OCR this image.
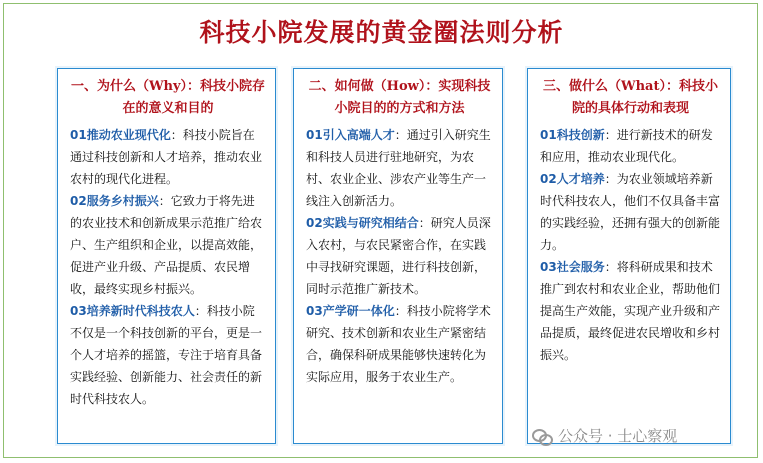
科技小院发展的黄金圈法则分析
一、为什么（Why）：科技小院存在的意义和目的

01推动农业现代化：科技小院旨在通过科技创新和人才培养，推动农业农村的现代化进程。

02服务乡村振兴：它致力于将先进的农业技术和创新成果示范推广给农户、生产组织和企业，以提高效能，促进产业升级、产品提质、农民增收，最终实现乡村振兴。

03培养新时代科技农人：科技小院不仅是一个科技创新的平台，更是一个人才培养的摇篮，专注于培育具备实践经验、创新能力、社会责任的新时代科技农人。

二、如何做（How）：实现科技小院目的的方式和方法

01引入高端人才：通过引入研究生和科技人员进行驻地研究，为农村、农业企业、涉农产业等生产一线注入创新活力。

02实践与研究相结合：研究人员深入农村，与农民紧密合作，在实践中寻找研究课题，进行科技创新，同时示范推广新技术。

03产学研一体化：科技小院将学术研究、技术创新和农业生产紧密结合，确保科研成果能够快速转化为实际应用，服务于农业生产。

三、做什么（What）：科技小院的具体行动和表现

01科技创新：进行新技术的研发和应用，推动农业现代化。

02人才培养：为农业领域培养新时代科技农人，他们不仅具备丰富的实践经验，还拥有强大的创新能力。

03社会服务：将科研成果和技术推广到农村和农业企业，帮助他们提高生产效能，实现产业升级和产品提质，最终促进农民增收和乡村振兴。

公众号 · 士心察观
